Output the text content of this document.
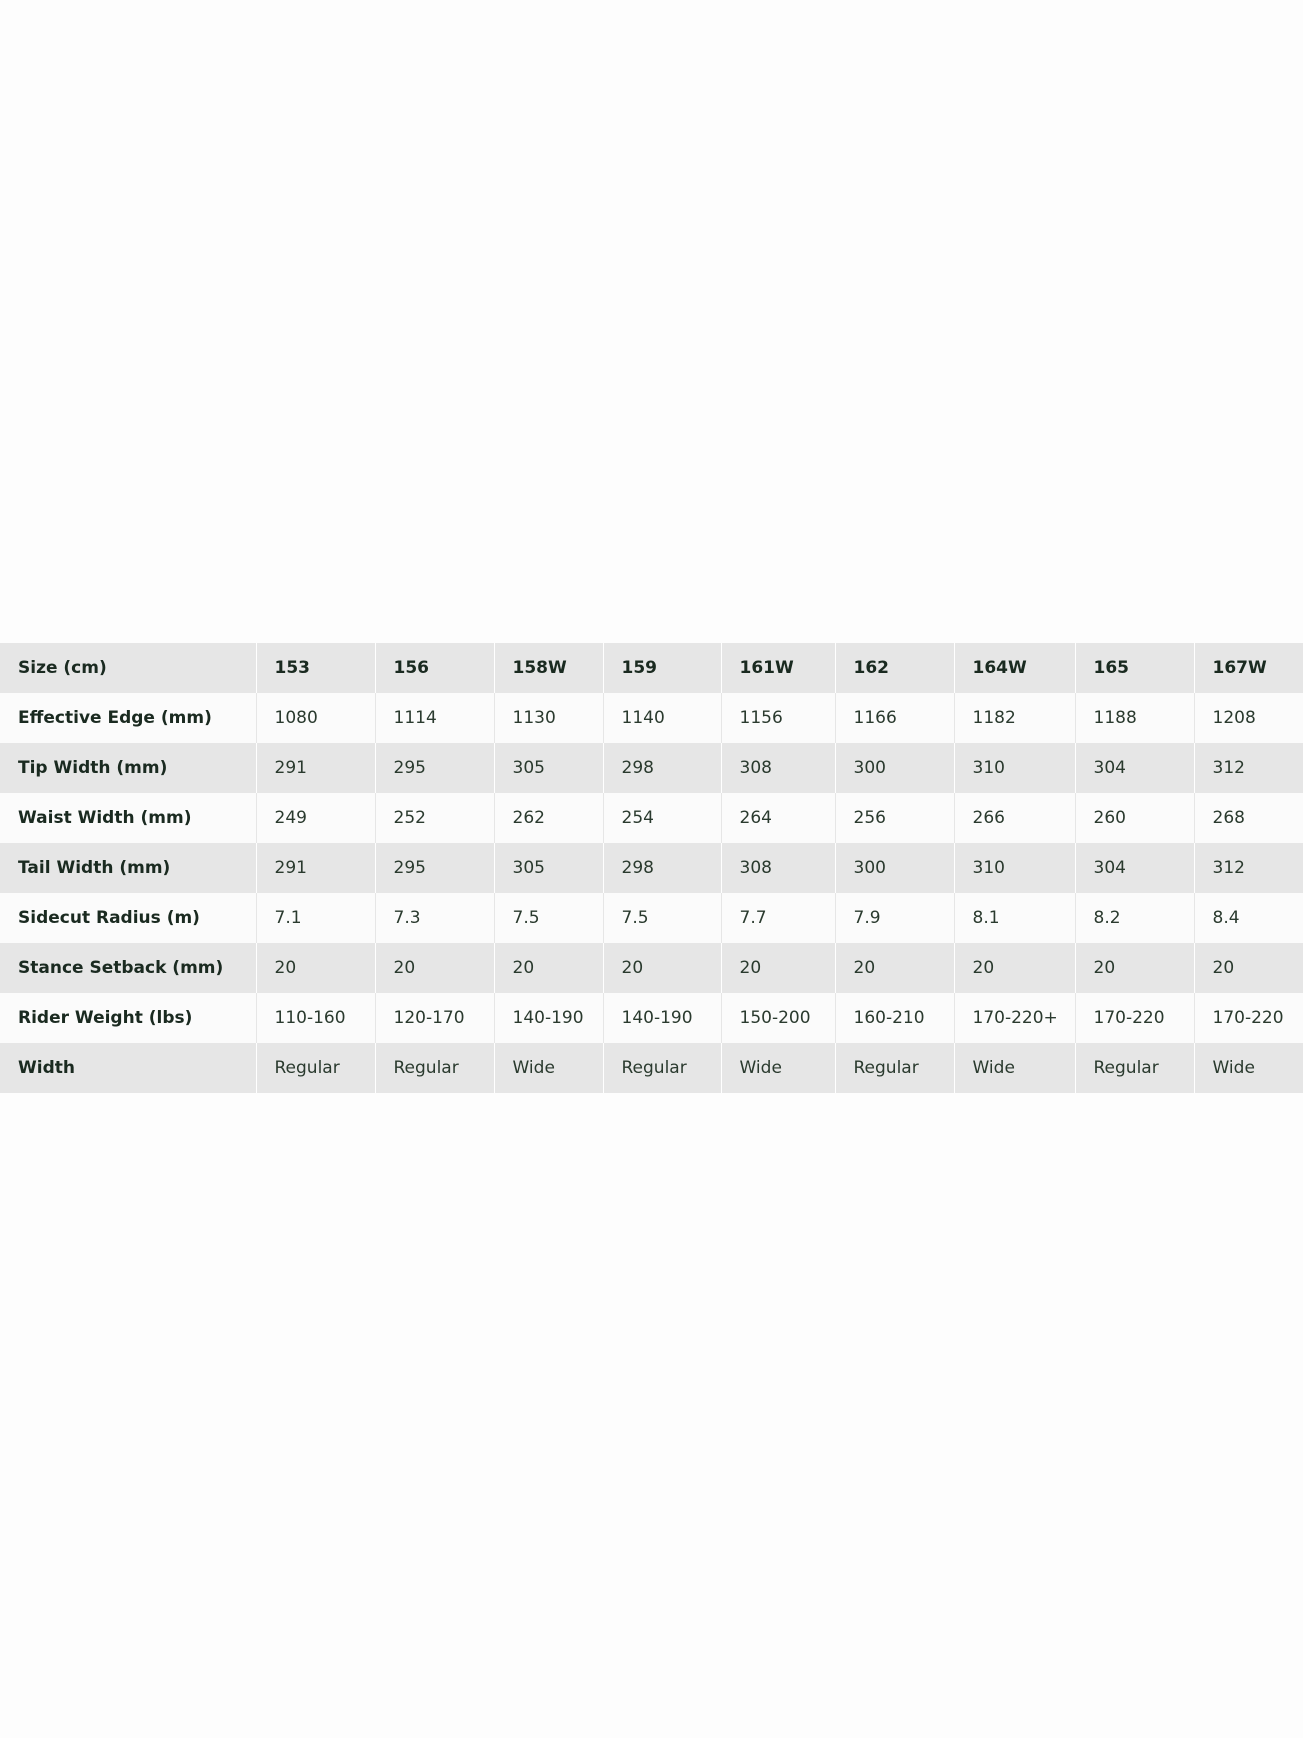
Size (cm)	153	156	158W	159	161W	162	164W	165	167W
Effective Edge (mm)	1080	1114	1130	1140	1156	1166	1182	1188	1208
Tip Width (mm)	291	295	305	298	308	300	310	304	312
Waist Width (mm)	249	252	262	254	264	256	266	260	268
Tail Width (mm)	291	295	305	298	308	300	310	304	312
Sidecut Radius (m)	7.1	7.3	7.5	7.5	7.7	7.9	8.1	8.2	8.4
Stance Setback (mm)	20	20	20	20	20	20	20	20	20
Rider Weight (lbs)	110-160	120-170	140-190	140-190	150-200	160-210	170-220+	170-220	170-220
Width	Regular	Regular	Wide	Regular	Wide	Regular	Wide	Regular	Wide
